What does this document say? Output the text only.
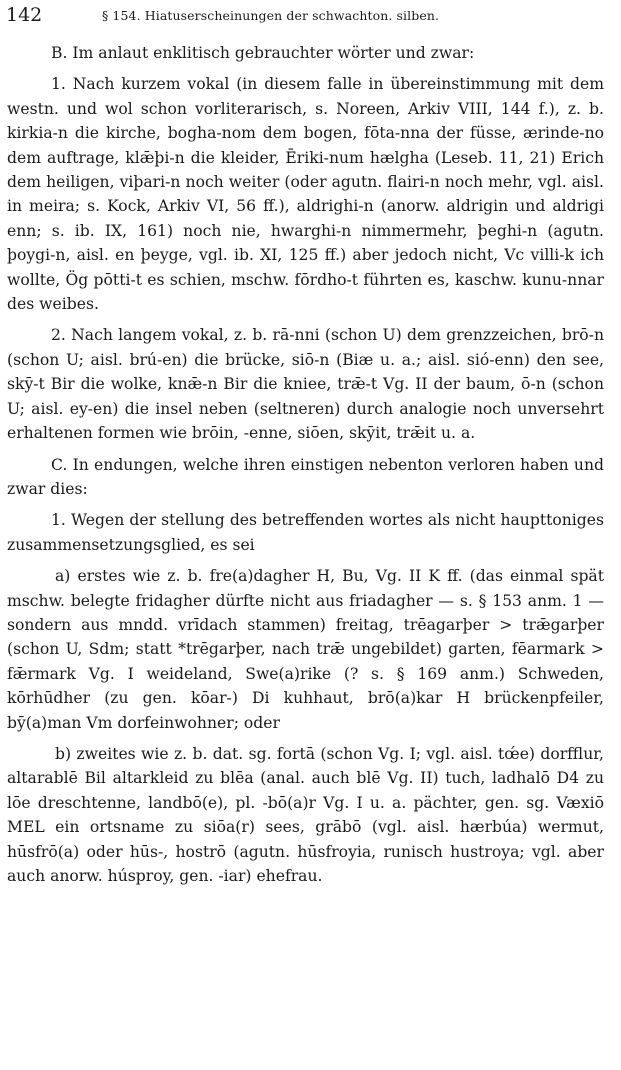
142	§ 154. Hiatuserscheinungen der schwachton. silben.

B. Im anlaut enklitisch gebrauchter wörter und zwar:

1. Nach kurzem vokal (in diesem falle in übereinstimmung mit dem westn. und wol schon vorliterarisch, s. Noreen, Arkiv VIII, 144 f.), z. b. kirkia-n die kirche, bogha-nom dem bogen, fōta-nna der füsse, ærinde-no dem auftrage, klǣþi-n die kleider, Ēriki-num hælgha (Lesеb. 11, 21) Erich dem heiligen, viþari-n noch weiter (oder agutn. flairi-n noch mehr, vgl. aisl. in meira; s. Kock, Arkiv VI, 56 ff.), aldrighi-n (anorw. aldrigin und aldrigi enn; s. ib. IX, 161) noch nie, hwarghi-n nimmermehr, þeghi-n (agutn. þoygi-n, aisl. en þeyge, vgl. ib. XI, 125 ff.) aber jedoch nicht, Vc villi-k ich wollte, Ög pōtti-t es schien, mschw. fōrdho-t führten es, kaschw. kunu-nnar des weibes.

2. Nach langem vokal, z. b. rā-nni (schon U) dem grenzzeichen, brō-n (schon U; aisl. brú-en) die brücke, siō-n (Biæ u. a.; aisl. sió-enn) den see, skȳ-t Bir die wolke, knǣ-n Bir die kniee, trǣ-t Vg. II der baum, ō-n (schon U; aisl. ey-en) die insel neben (seltneren) durch analogie noch unversehrt erhaltenen formen wie brōin, -enne, siōen, skȳit, trǣit u. a.

C. In endungen, welche ihren einstigen nebenton verloren haben und zwar dies:

1. Wegen der stellung des betreffenden wortes als nicht haupttoniges zusammensetzungsglied, es sei

a) erstes wie z. b. fre(a)dagher H, Bu, Vg. II K ff. (das einmal spät mschw. belegte fridagher dürfte nicht aus friadagher — s. § 153 anm. 1 — sondern aus mndd. vrīdach stammen) freitag, trēagarþer > trǣgarþer (schon U, Sdm; statt *trēgarþer, nach trǣ ungebildet) garten, fēarmark > fǣrmark Vg. I weideland, Swe(a)rike (? s. § 169 anm.) Schweden, kōrhūdher (zu gen. kōar-) Di kuhhaut, brō(a)kar H brückenpfeiler, bȳ(a)man Vm dorfeinwohner; oder

b) zweites wie z. b. dat. sg. fortā (schon Vg. I; vgl. aisl. tœ́e) dorfflur, altarablē Bil altarkleid zu blēa (anal. auch blē Vg. II) tuch, ladhalō D4 zu lōe dreschtenne, landbō(e), pl. -bō(a)r Vg. I u. a. pächter, gen. sg. Væxiō MEL ein ortsname zu siōa(r) sees, grābō (vgl. aisl. hærbúa) wermut, hūsfrō(a) oder hūs-, hostrō (agutn. hūsfroyia, runisch hustroya; vgl. aber auch anorw. húsproy, gen. -iar) ehefrau.
